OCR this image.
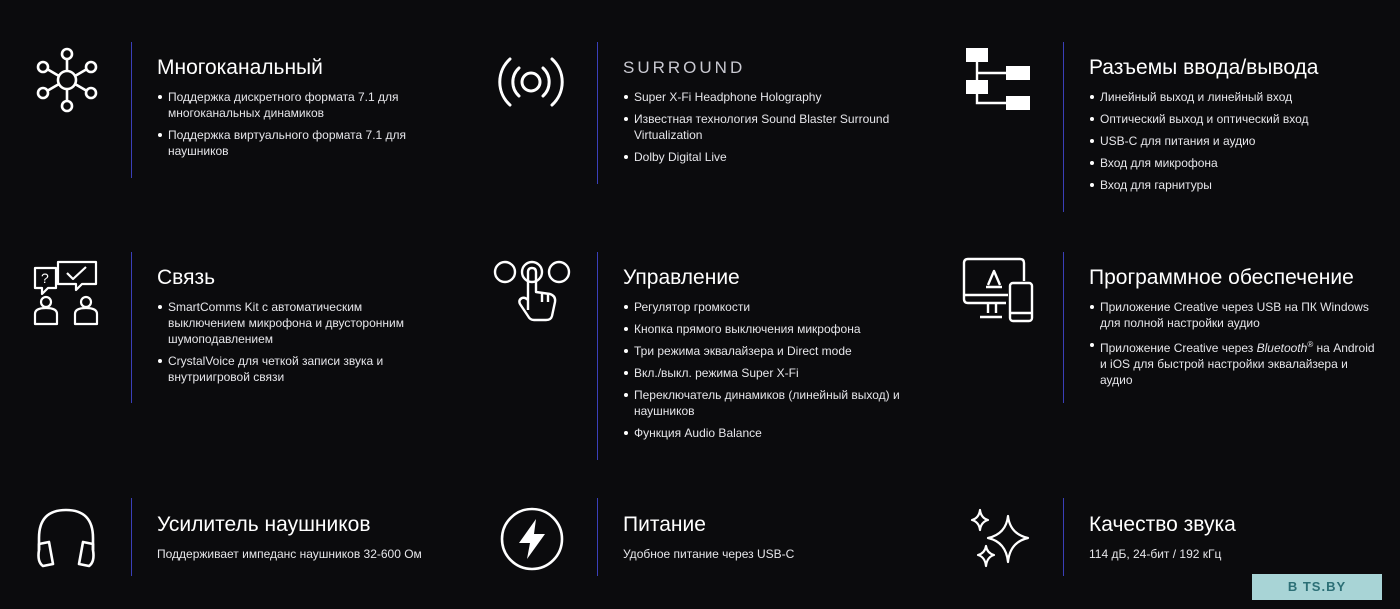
Многоканальный
Поддержка дискретного формата 7.1 для многоканальных динамиков
Поддержка виртуального формата 7.1 для наушников
SURROUND
Super X-Fi Headphone Holography
Известная технология Sound Blaster Surround Virtualization
Dolby Digital Live
Разъемы ввода/вывода
Линейный выход и линейный вход
Оптический выход и оптический вход
USB-C для питания и аудио
Вход для микрофона
Вход для гарнитуры
?	Связь
SmartComms Kit с автоматическим выключением микрофона и двусторонним шумоподавлением
CrystalVoice для четкой записи звука и внутриигровой связи
Управление
Регулятор громкости
Кнопка прямого выключения микрофона
Три режима эквалайзера и Direct mode
Вкл./выкл. режима Super X-Fi
Переключатель динамиков (линейный выход) и наушников
Функция Audio Balance
Программное обеспечение
Приложение Creative через USB на ПК Windows для полной настройки аудио
Приложение Creative через Bluetooth® на Android и iOS для быстрой настройки эквалайзера и аудио
Усилитель наушников

Поддерживает импеданс наушников 32-600 Ом

Питание

Удобное питание через USB-C

Качество звука

114 дБ, 24-бит / 192 кГц

B TS.BY
